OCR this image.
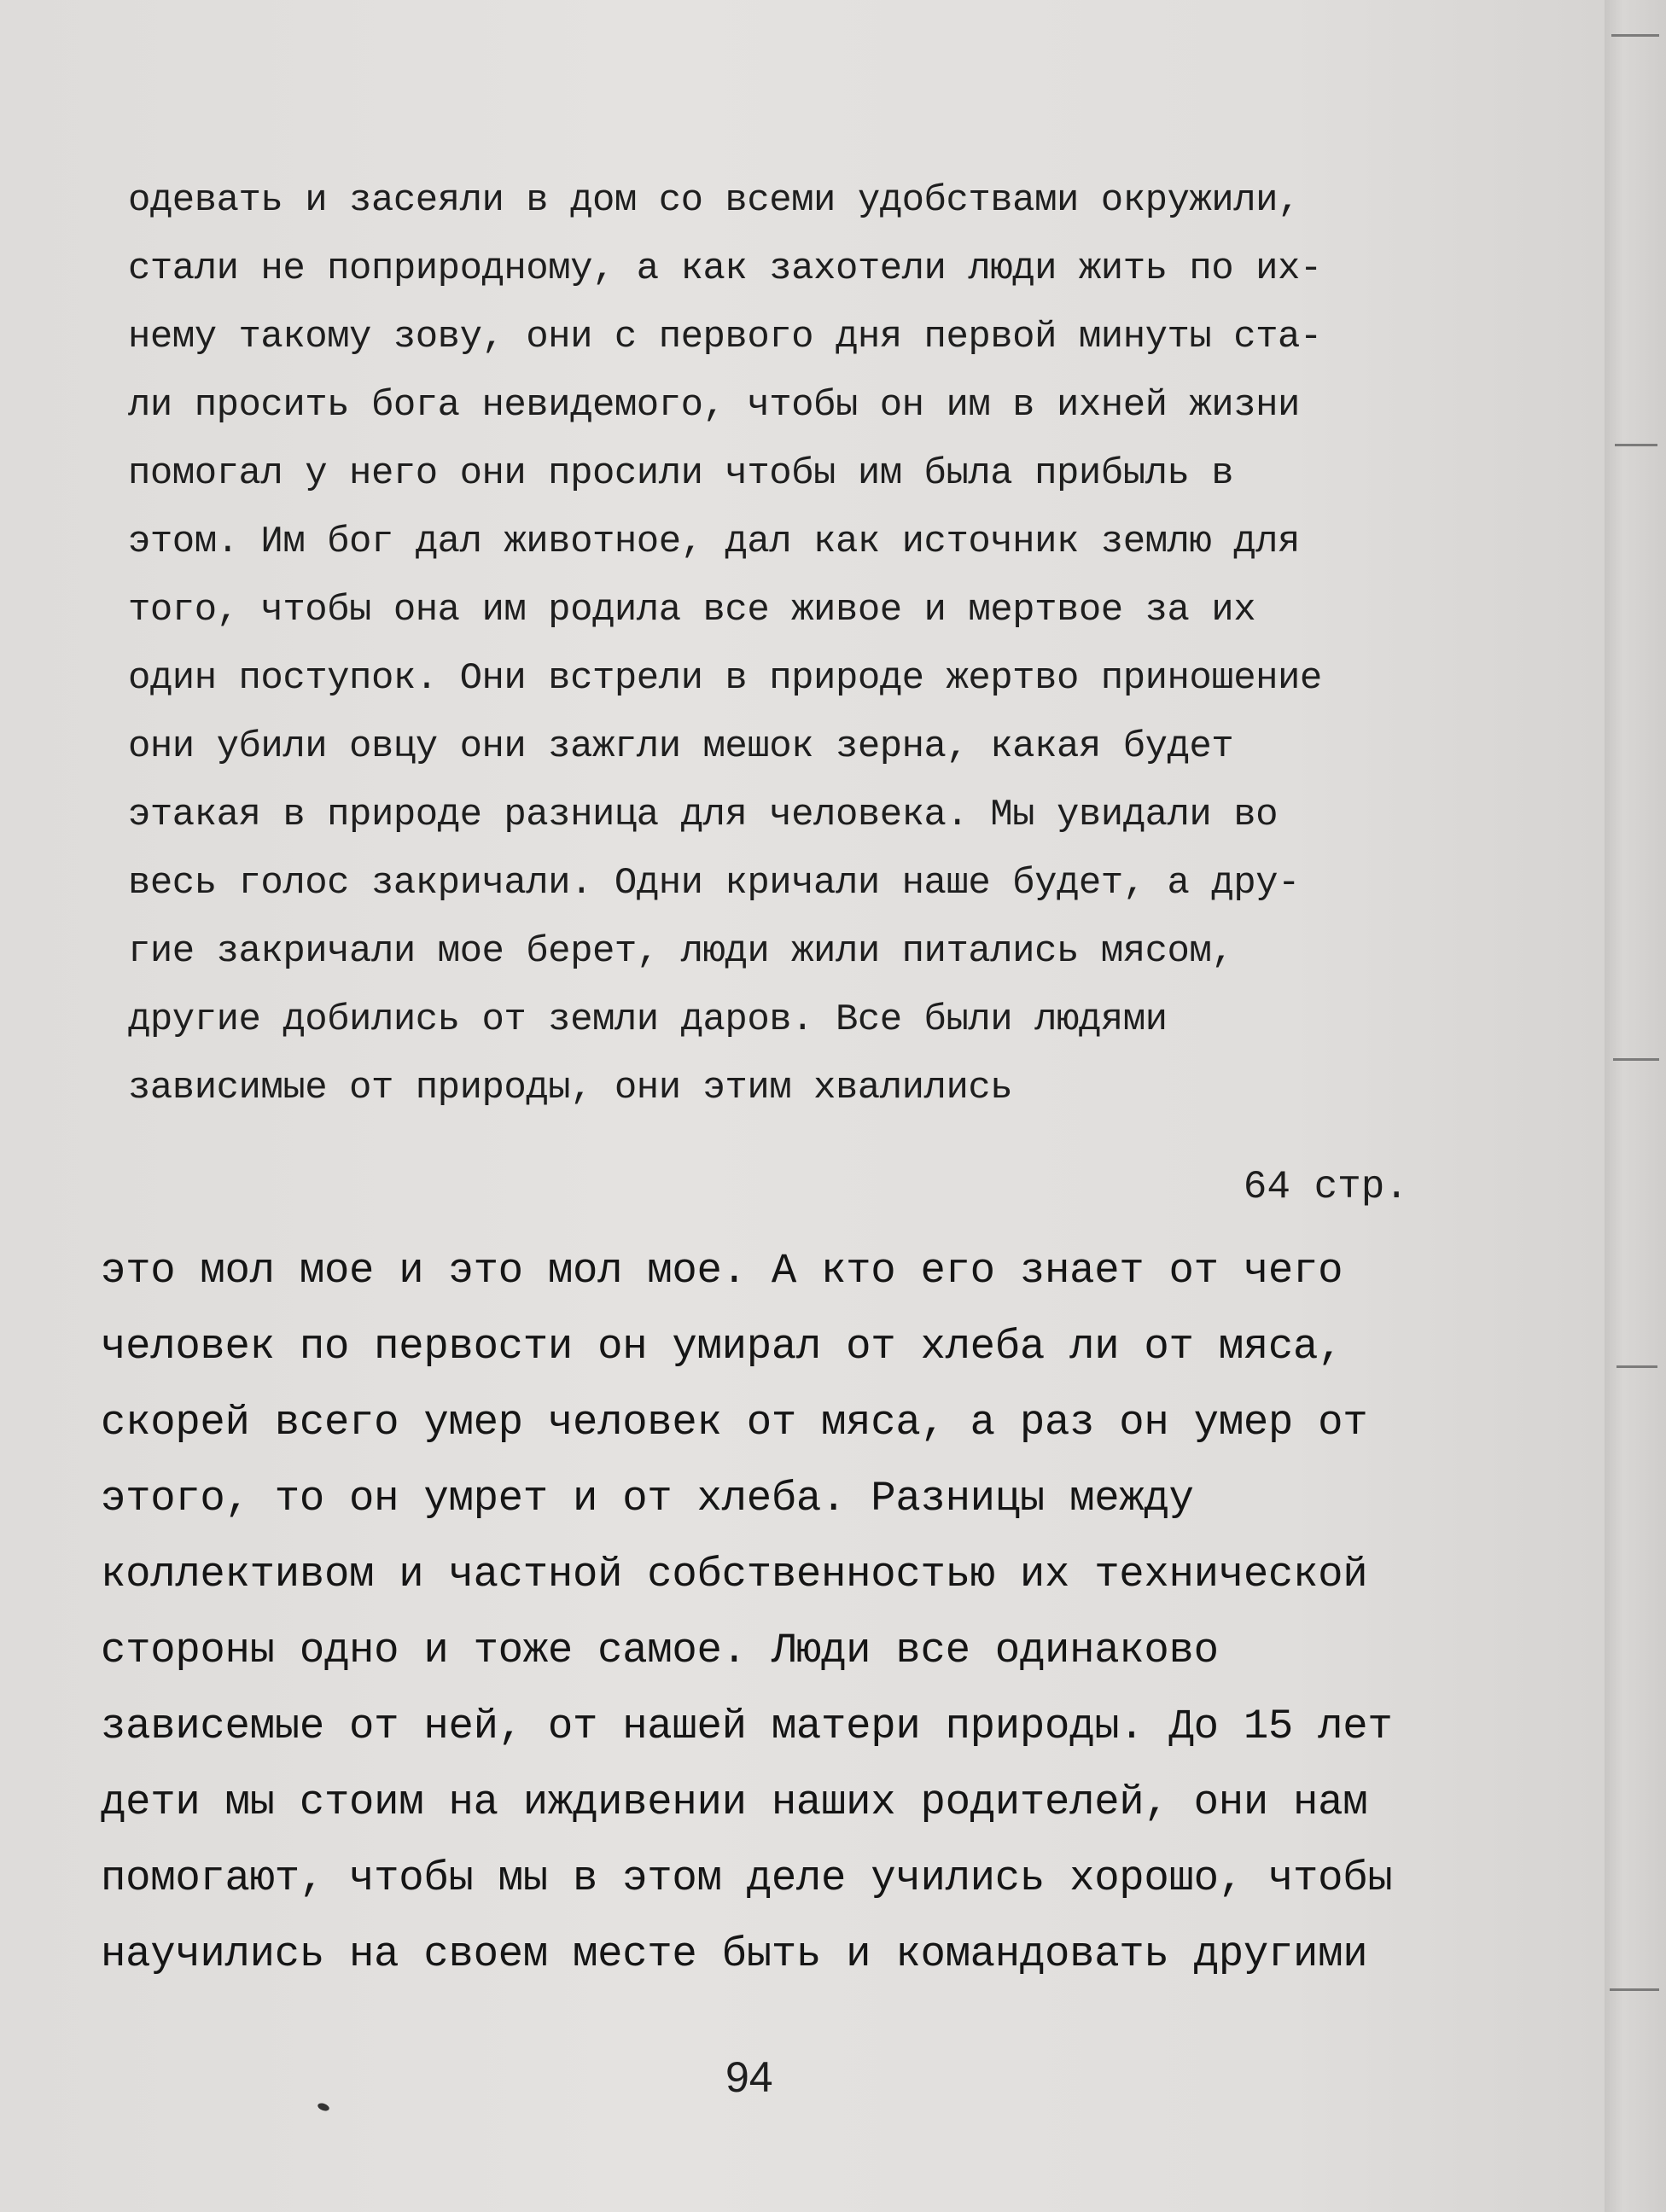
одевать и засеяли в дом со всеми удобствами окружили,
стали не поприродному, а как захотели люди жить по их-
нему такому зову, они с первого дня первой минуты ста-
ли просить бога невидемого, чтобы он им в ихней жизни
помогал у него они просили чтобы им была прибыль в
этом. Им бог дал животное, дал как источник землю для
того, чтобы она им родила все живое и мертвое за их
один поступок. Они встрели в природе жертво приношение
они убили овцу они зажгли мешок зерна, какая будет
этакая в природе разница для человека. Мы увидали во
весь голос закричали. Одни кричали наше будет, а дру-
гие закричали мое берет, люди жили питались мясом,
другие добились от земли даров. Все были людями
зависимые от природы, они этим хвалились
64 стр.
это мол мое и это мол мое. А кто его знает от чего
человек по первости он умирал от хлеба ли от мяса,
скорей всего умер человек от мяса, а раз он умер от
этого, то он умрет и от хлеба. Разницы между
коллективом и частной собственностью их технической
стороны одно и тоже самое. Люди все одинаково
зависемые от ней, от нашей матери природы. До 15 лет
дети мы стоим на иждивении наших родителей, они нам
помогают, чтобы мы в этом деле учились хорошо, чтобы
научились на своем месте быть и командовать другими
94
